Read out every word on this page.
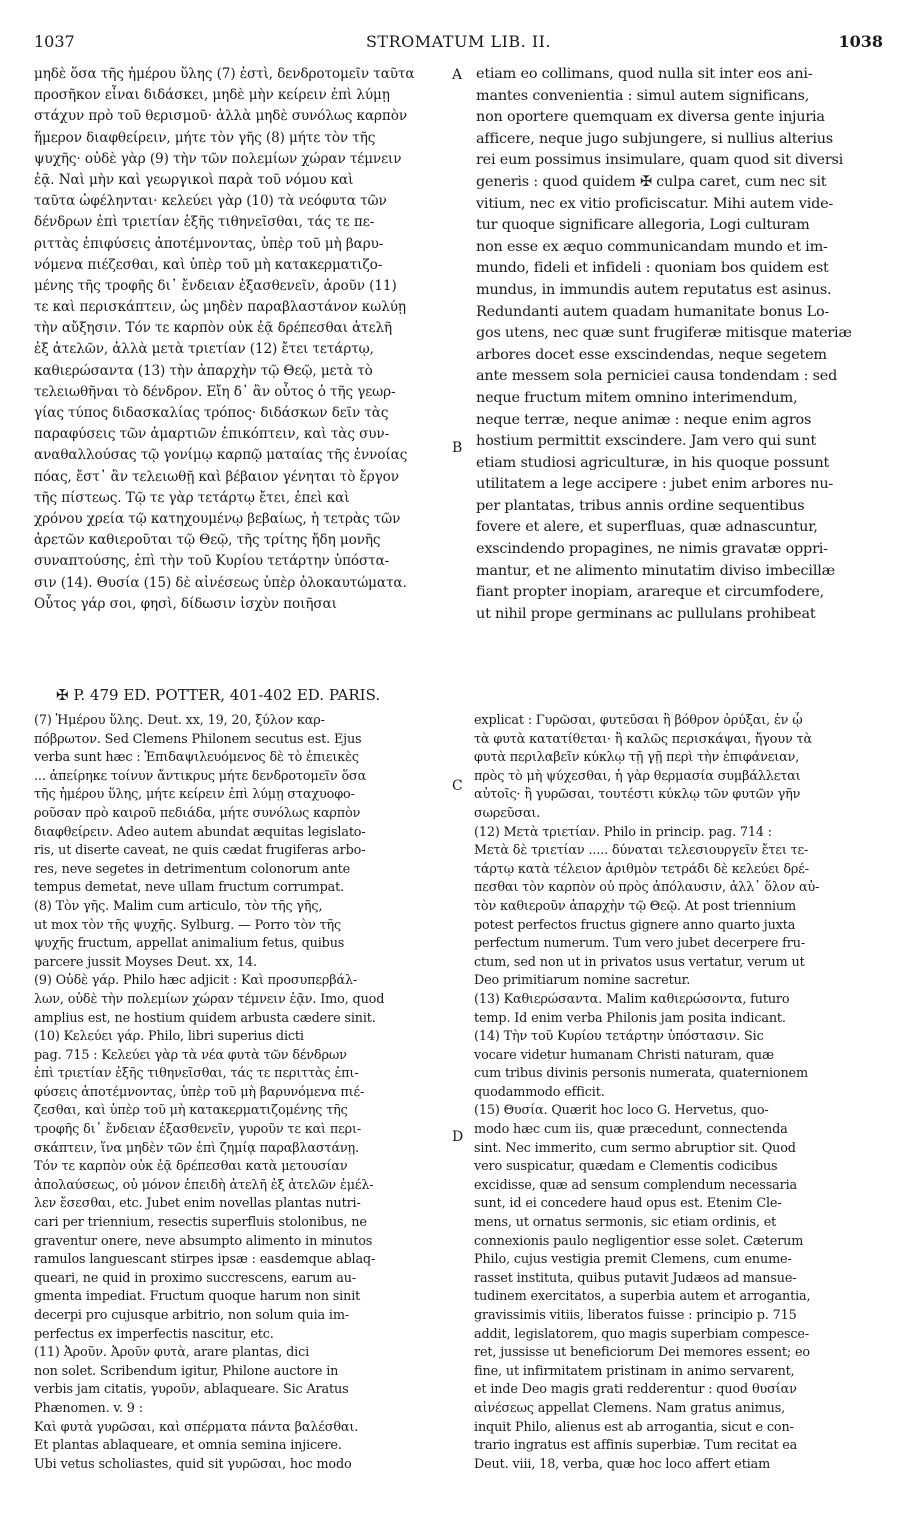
1037	STROMATUM LIB. II.	1038
A
B
C
D
μηδὲ ὅσα τῆς ἡμέρου ὕλης (7) ἐστὶ, δενδροτομεῖν ταῦτα
προσῆκον εἶναι διδάσκει, μηδὲ μὴν κείρειν ἐπὶ λύμῃ
στάχυν πρὸ τοῦ θερισμοῦ· ἀλλὰ μηδὲ συνόλως καρπὸν
ἥμερον διαφθείρειν, μήτε τὸν γῆς (8) μήτε τὸν τῆς
ψυχῆς· οὐδὲ γὰρ (9) τὴν τῶν πολεμίων χώραν τέμνειν
ἐᾷ. Ναὶ μὴν καὶ γεωργικοὶ παρὰ τοῦ νόμου καὶ
ταῦτα ὠφέληνται· κελεύει γὰρ (10) τὰ νεόφυτα τῶν
δένδρων ἐπὶ τριετίαν ἑξῆς τιθηνεῖσθαι, τάς τε πε-
ριττὰς ἐπιφύσεις ἀποτέμνοντας, ὑπὲρ τοῦ μὴ βαρυ-
νόμενα πιέζεσθαι, καὶ ὑπὲρ τοῦ μὴ κατακερματιζο-
μένης τῆς τροφῆς δι᾽ ἔνδειαν ἐξασθενεῖν, ἀροῦν (11)
τε καὶ περισκάπτειν, ὡς μηδὲν παραβλαστάνον κωλύῃ
τὴν αὔξησιν. Τόν τε καρπὸν οὐκ ἐᾷ δρέπεσθαι ἀτελῆ
ἐξ ἀτελῶν, ἀλλὰ μετὰ τριετίαν (12) ἔτει τετάρτῳ,
καθιερώσαντα (13) τὴν ἀπαρχὴν τῷ Θεῷ, μετὰ τὸ
τελειωθῆναι τὸ δένδρον. Εἴη δ᾽ ἂν οὗτος ὁ τῆς γεωρ-
γίας τύπος διδασκαλίας τρόπος· διδάσκων δεῖν τὰς
παραφύσεις τῶν ἁμαρτιῶν ἐπικόπτειν, καὶ τὰς συν-
αναθαλλούσας τῷ γονίμῳ καρπῷ ματαίας τῆς ἐννοίας
πόας, ἔστ᾽ ἂν τελειωθῇ καὶ βέβαιον γένηται τὸ ἔργον
τῆς πίστεως. Τῷ τε γὰρ τετάρτῳ ἔτει, ἐπεὶ καὶ
χρόνου χρεία τῷ κατηχουμένῳ βεβαίως, ἡ τετρὰς τῶν
ἀρετῶν καθιεροῦται τῷ Θεῷ, τῆς τρίτης ἤδη μονῆς
συναπτούσης, ἐπὶ τὴν τοῦ Κυρίου τετάρτην ὑπόστα-
σιν (14). Θυσία (15) δὲ αἰνέσεως ὑπὲρ ὁλοκαυτώματα.
Οὗτος γάρ σοι, φησὶ, δίδωσιν ἰσχὺν ποιῆσαι
etiam eo collimans, quod nulla sit inter eos ani-
mantes convenientia : simul autem significans,
non oportere quemquam ex diversa gente injuria
afficere, neque jugo subjungere, si nullius alterius
rei eum possimus insimulare, quam quod sit diversi
generis : quod quidem ✠ culpa caret, cum nec sit
vitium, nec ex vitio proficiscatur. Mihi autem vide-
tur quoque significare allegoria, Logi culturam
non esse ex æquo communicandam mundo et im-
mundo, fideli et infideli : quoniam bos quidem est
mundus, in immundis autem reputatus est asinus.
Redundanti autem quadam humanitate bonus Lo-
gos utens, nec quæ sunt frugiferæ mitisque materiæ
arbores docet esse exscindendas, neque segetem
ante messem sola perniciei causa tondendam : sed
neque fructum mitem omnino interimendum,
neque terræ, neque animæ : neque enim agros
hostium permittit exscindere. Jam vero qui sunt
etiam studiosi agriculturæ, in his quoque possunt
utilitatem a lege accipere : jubet enim arbores nu-
per plantatas, tribus annis ordine sequentibus
fovere et alere, et superfluas, quæ adnascuntur,
exscindendo propagines, ne nimis gravatæ oppri-
mantur, et ne alimento minutatim diviso imbecillæ
fiant propter inopiam, arareque et circumfodere,
ut nihil prope germinans ac pullulans prohibeat
✠ P. 479 ED. POTTER, 401-402 ED. PARIS.
(7) Ἡμέρου ὕλης. Deut. xx, 19, 20, ξύλον καρ-
πόβρωτον. Sed Clemens Philonem secutus est. Ejus
verba sunt hæc : Ἐπιδαψιλευόμενος δὲ τὸ ἐπιεικὲς
... ἀπείρηκε τοίνυν ἄντικρυς μήτε δενδροτομεῖν ὅσα
τῆς ἡμέρου ὕλης, μήτε κείρειν ἐπὶ λύμῃ σταχυοφο-
ροῦσαν πρὸ καιροῦ πεδιάδα, μήτε συνόλως καρπὸν
διαφθείρειν. Adeo autem abundat æquitas legislato-
ris, ut diserte caveat, ne quis cædat frugiferas arbo-
res, neve segetes in detrimentum colonorum ante
tempus demetat, neve ullam fructum corrumpat.
(8) Τὸν γῆς. Malim cum articulo, τὸν τῆς γῆς,
ut mox τὸν τῆς ψυχῆς. Sylburg. — Porro τὸν τῆς
ψυχῆς fructum, appellat animalium fetus, quibus
parcere jussit Moyses Deut. xx, 14.
(9) Οὐδὲ γάρ. Philo hæc adjicit : Καὶ προσυπερβάλ-
λων, οὐδὲ τὴν πολεμίων χώραν τέμνειν ἐᾷν. Imo, quod
amplius est, ne hostium quidem arbusta cædere sinit.
(10) Κελεύει γάρ. Philo, libri superius dicti
pag. 715 : Κελεύει γὰρ τὰ νέα φυτὰ τῶν δένδρων
ἐπὶ τριετίαν ἑξῆς τιθηνεῖσθαι, τάς τε περιττὰς ἐπι-
φύσεις ἀποτέμνοντας, ὑπὲρ τοῦ μὴ βαρυνόμενα πιέ-
ζεσθαι, καὶ ὑπὲρ τοῦ μὴ κατακερματιζομένης τῆς
τροφῆς δι᾽ ἔνδειαν ἐξασθενεῖν, γυροῦν τε καὶ περι-
σκάπτειν, ἵνα μηδὲν τῶν ἐπὶ ζημίᾳ παραβλαστάνῃ.
Τόν τε καρπὸν οὐκ ἐᾷ δρέπεσθαι κατὰ μετουσίαν
ἀπολαύσεως, οὐ μόνον ἐπειδὴ ἀτελῆ ἐξ ἀτελῶν ἐμέλ-
λεν ἔσεσθαι, etc. Jubet enim novellas plantas nutri-
cari per triennium, resectis superfluis stolonibus, ne
graventur onere, neve absumpto alimento in minutos
ramulos languescant stirpes ipsæ : easdemque ablaq-
queari, ne quid in proximo succrescens, earum au-
gmenta impediat. Fructum quoque harum non sinit
decerpi pro cujusque arbitrio, non solum quia im-
perfectus ex imperfectis nascitur, etc.
(11) Ἀροῦν. Ἀροῦν φυτὰ, arare plantas, dici
non solet. Scribendum igitur, Philone auctore in
verbis jam citatis, γυροῦν, ablaqueare. Sic Aratus
Phænomen. v. 9 :
Καὶ φυτὰ γυρῶσαι, καὶ σπέρματα πάντα βαλέσθαι.
Et plantas ablaqueare, et omnia semina injicere.
Ubi vetus scholiastes, quid sit γυρῶσαι, hoc modo
explicat : Γυρῶσαι, φυτεῦσαι ἢ βόθρον ὀρύξαι, ἐν ᾧ
τὰ φυτὰ κατατίθεται· ἢ καλῶς περισκάψαι, ἤγουν τὰ
φυτὰ περιλαβεῖν κύκλῳ τῇ γῇ περὶ τὴν ἐπιφάνειαν,
πρὸς τὸ μὴ ψύχεσθαι, ἡ γὰρ θερμασία συμβάλλεται
αὐτοῖς· ἢ γυρῶσαι, τουτέστι κύκλῳ τῶν φυτῶν γῆν
σωρεῦσαι.
(12) Μετὰ τριετίαν. Philo in princip. pag. 714 :
Μετὰ δὲ τριετίαν ..... δύναται τελεσιουργεῖν ἔτει τε-
τάρτῳ κατὰ τέλειον ἀριθμὸν τετράδι δὲ κελεύει δρέ-
πεσθαι τὸν καρπὸν οὐ πρὸς ἀπόλαυσιν, ἀλλ᾽ ὅλον αὐ-
τὸν καθιεροῦν ἀπαρχὴν τῷ Θεῷ. At post triennium
potest perfectos fructus gignere anno quarto juxta
perfectum numerum. Tum vero jubet decerpere fru-
ctum, sed non ut in privatos usus vertatur, verum ut
Deo primitiarum nomine sacretur.
(13) Καθιερώσαντα. Malim καθιερώσοντα, futuro
temp. Id enim verba Philonis jam posita indicant.
(14) Τὴν τοῦ Κυρίου τετάρτην ὑπόστασιν. Sic
vocare videtur humanam Christi naturam, quæ
cum tribus divinis personis numerata, quaternionem
quodammodo efficit.
(15) Θυσία. Quærit hoc loco G. Hervetus, quo-
modo hæc cum iis, quæ præcedunt, connectenda
sint. Nec immerito, cum sermo abruptior sit. Quod
vero suspicatur, quædam e Clementis codicibus
excidisse, quæ ad sensum complendum necessaria
sunt, id ei concedere haud opus est. Etenim Cle-
mens, ut ornatus sermonis, sic etiam ordinis, et
connexionis paulo negligentior esse solet. Cæterum
Philo, cujus vestigia premit Clemens, cum enume-
rasset instituta, quibus putavit Judæos ad mansue-
tudinem exercitatos, a superbia autem et arrogantia,
gravissimis vitiis, liberatos fuisse : principio p. 715
addit, legislatorem, quo magis superbiam compesce-
ret, jussisse ut beneficiorum Dei memores essent; eo
fine, ut infirmitatem pristinam in animo servarent,
et inde Deo magis grati redderentur : quod θυσίαν
αἰνέσεως appellat Clemens. Nam gratus animus,
inquit Philo, alienus est ab arrogantia, sicut e con-
trario ingratus est affinis superbiæ. Tum recitat ea
Deut. viii, 18, verba, quæ hoc loco affert etiam
